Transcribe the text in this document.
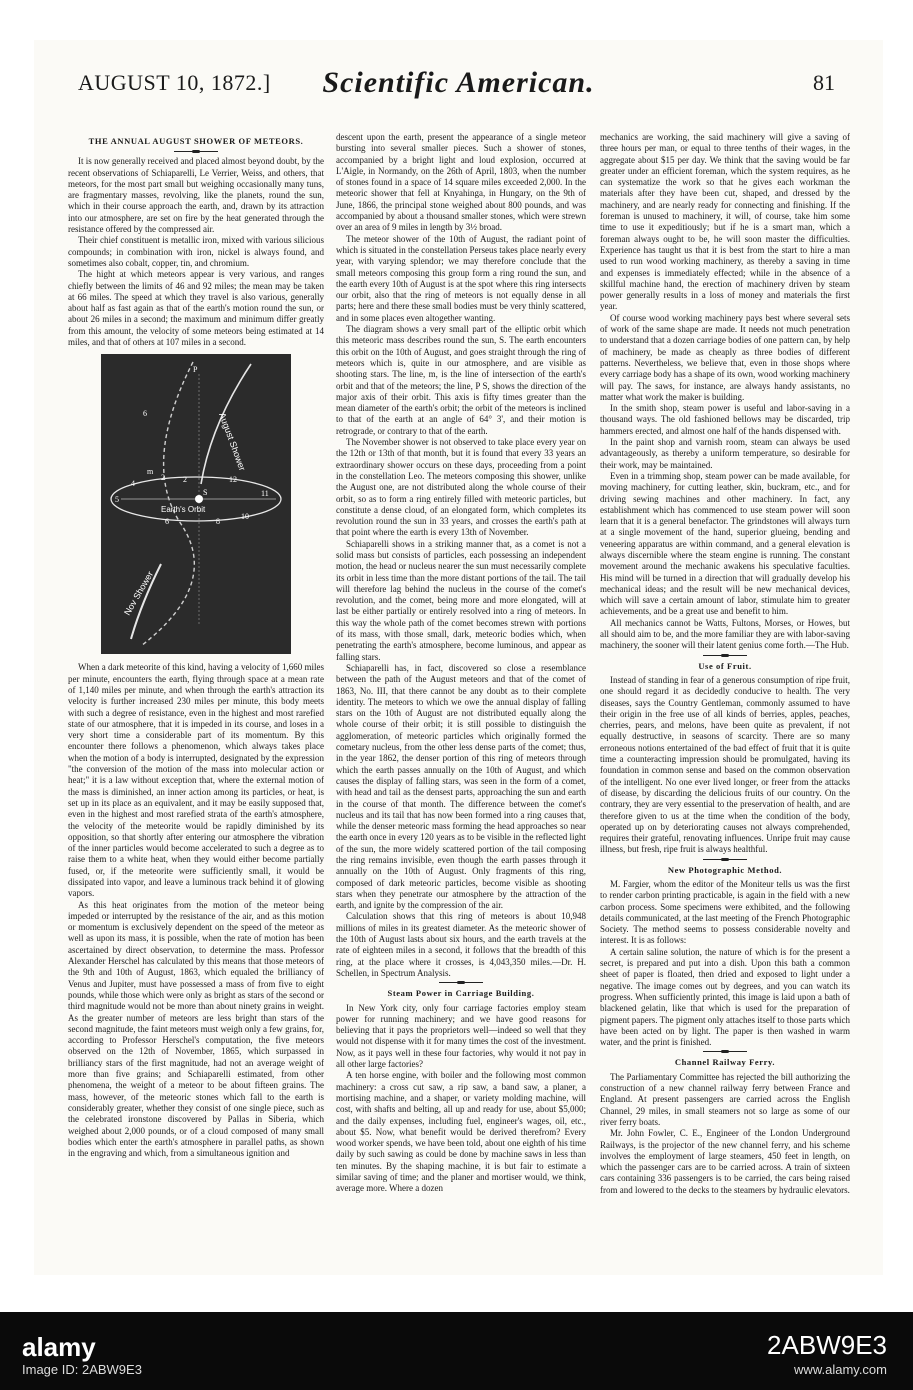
AUGUST 10, 1872.]	Scientific American.	81
THE ANNUAL AUGUST SHOWER OF METEORS.

It is now generally received and placed almost beyond doubt, by the recent observations of Schiaparelli, Le Verrier, Weiss, and others, that meteors, for the most part small but weighing occasionally many tuns, are fragmentary masses, revolving, like the planets, round the sun, which in their course approach the earth, and, drawn by its attraction into our atmosphere, are set on fire by the heat generated through the resistance offered by the compressed air.

Their chief constituent is metallic iron, mixed with various silicious compounds; in combination with iron, nickel is always found, and sometimes also cobalt, copper, tin, and chromium.

The hight at which meteors appear is very various, and ranges chiefly between the limits of 46 and 92 miles; the mean may be taken at 66 miles. The speed at which they travel is also various, generally about half as fast again as that of the earth's motion round the sun, or about 26 miles in a second; the maximum and minimum differ greatly from this amount, the velocity of some meteors being estimated at 14 miles, and that of others at 107 miles in a second.

August Shower
Earth's Orbit
Nov Shower
m
S
P
5
4
2 2	12
11
10
8
6
6

When a dark meteorite of this kind, having a velocity of 1,660 miles per minute, encounters the earth, flying through space at a mean rate of 1,140 miles per minute, and when through the earth's attraction its velocity is further increased 230 miles per minute, this body meets with such a degree of resistance, even in the highest and most rarefied state of our atmosphere, that it is impeded in its course, and loses in a very short time a considerable part of its momentum. By this encounter there follows a phenomenon, which always takes place when the motion of a body is interrupted, designated by the expression "the conversion of the motion of the mass into molecular action or heat;" it is a law without exception that, where the external motion of the mass is diminished, an inner action among its particles, or heat, is set up in its place as an equivalent, and it may be easily supposed that, even in the highest and most rarefied strata of the earth's atmosphere, the velocity of the meteorite would be rapidly diminished by its opposition, so that shortly after entering our atmosphere the vibration of the inner particles would become accelerated to such a degree as to raise them to a white heat, when they would either become partially fused, or, if the meteorite were sufficiently small, it would be dissipated into vapor, and leave a luminous track behind it of glowing vapors.

As this heat originates from the motion of the meteor being impeded or interrupted by the resistance of the air, and as this motion or momentum is exclusively dependent on the speed of the meteor as well as upon its mass, it is possible, when the rate of motion has been ascertained by direct observation, to determine the mass. Professor Alexander Herschel has calculated by this means that those meteors of the 9th and 10th of August, 1863, which equaled the brilliancy of Venus and Jupiter, must have possessed a mass of from five to eight pounds, while those which were only as bright as stars of the second or third magnitude would not be more than about ninety grains in weight. As the greater number of meteors are less bright than stars of the second magnitude, the faint meteors must weigh only a few grains, for, according to Professor Herschel's computation, the five meteors observed on the 12th of November, 1865, which surpassed in brilliancy stars of the first magnitude, had not an average weight of more than five grains; and Schiaparelli estimated, from other phenomena, the weight of a meteor to be about fifteen grains. The mass, however, of the meteoric stones which fall to the earth is considerably greater, whether they consist of one single piece, such as the celebrated ironstone discovered by Pallas in Siberia, which weighed about 2,000 pounds, or of a cloud composed of many small bodies which enter the earth's atmosphere in parallel paths, as shown in the engraving and which, from a simultaneous ignition and

descent upon the earth, present the appearance of a single meteor bursting into several smaller pieces. Such a shower of stones, accompanied by a bright light and loud explosion, occurred at L'Aigle, in Normandy, on the 26th of April, 1803, when the number of stones found in a space of 14 square miles exceeded 2,000. In the meteoric shower that fell at Knyahinga, in Hungary, on the 9th of June, 1866, the principal stone weighed about 800 pounds, and was accompanied by about a thousand smaller stones, which were strewn over an area of 9 miles in length by 3½ broad.

The meteor shower of the 10th of August, the radiant point of which is situated in the constellation Perseus takes place nearly every year, with varying splendor; we may therefore conclude that the small meteors composing this group form a ring round the sun, and the earth every 10th of August is at the spot where this ring intersects our orbit, also that the ring of meteors is not equally dense in all parts; here and there these small bodies must be very thinly scattered, and in some places even altogether wanting.

The diagram shows a very small part of the elliptic orbit which this meteoric mass describes round the sun, S. The earth encounters this orbit on the 10th of August, and goes straight through the ring of meteors which is, quite in our atmosphere, and are visible as shooting stars. The line, m, is the line of intersection of the earth's orbit and that of the meteors; the line, P S, shows the direction of the major axis of their orbit. This axis is fifty times greater than the mean diameter of the earth's orbit; the orbit of the meteors is inclined to that of the earth at an angle of 64° 3', and their motion is retrograde, or contrary to that of the earth.

The November shower is not observed to take place every year on the 12th or 13th of that month, but it is found that every 33 years an extraordinary shower occurs on these days, proceeding from a point in the constellation Leo. The meteors composing this shower, unlike the August one, are not distributed along the whole course of their orbit, so as to form a ring entirely filled with meteoric particles, but constitute a dense cloud, of an elongated form, which completes its revolution round the sun in 33 years, and crosses the earth's path at that point where the earth is every 13th of November.

Schiaparelli shows in a striking manner that, as a comet is not a solid mass but consists of particles, each possessing an independent motion, the head or nucleus nearer the sun must necessarily complete its orbit in less time than the more distant portions of the tail. The tail will therefore lag behind the nucleus in the course of the comet's revolution, and the comet, being more and more elongated, will at last be either partially or entirely resolved into a ring of meteors. In this way the whole path of the comet becomes strewn with portions of its mass, with those small, dark, meteoric bodies which, when penetrating the earth's atmosphere, become luminous, and appear as falling stars.

Schiaparelli has, in fact, discovered so close a resemblance between the path of the August meteors and that of the comet of 1863, No. III, that there cannot be any doubt as to their complete identity. The meteors to which we owe the annual display of falling stars on the 10th of August are not distributed equally along the whole course of their orbit; it is still possible to distinguish the agglomeration, of meteoric particles which originally formed the cometary nucleus, from the other less dense parts of the comet; thus, in the year 1862, the denser portion of this ring of meteors through which the earth passes annually on the 10th of August, and which causes the display of falling stars, was seen in the form of a comet, with head and tail as the densest parts, approaching the sun and earth in the course of that month. The difference between the comet's nucleus and its tail that has now been formed into a ring causes that, while the denser meteoric mass forming the head approaches so near the earth once in every 120 years as to be visible in the reflected light of the sun, the more widely scattered portion of the tail composing the ring remains invisible, even though the earth passes through it annually on the 10th of August. Only fragments of this ring, composed of dark meteoric particles, become visible as shooting stars when they penetrate our atmosphere by the attraction of the earth, and ignite by the compression of the air.

Calculation shows that this ring of meteors is about 10,948 millions of miles in its greatest diameter. As the meteoric shower of the 10th of August lasts about six hours, and the earth travels at the rate of eighteen miles in a second, it follows that the breadth of this ring, at the place where it crosses, is 4,043,350 miles.—Dr. H. Schellen, in Spectrum Analysis.

Steam Power in Carriage Building.

In New York city, only four carriage factories employ steam power for running machinery; and we have good reasons for believing that it pays the proprietors well—indeed so well that they would not dispense with it for many times the cost of the investment. Now, as it pays well in these four factories, why would it not pay in all other large factories?

A ten horse engine, with boiler and the following most common machinery: a cross cut saw, a rip saw, a band saw, a planer, a mortising machine, and a shaper, or variety molding machine, will cost, with shafts and belting, all up and ready for use, about $5,000; and the daily expenses, including fuel, engineer's wages, oil, etc., about $5. Now, what benefit would be derived therefrom? Every wood worker spends, we have been told, about one eighth of his time daily by such sawing as could be done by machine saws in less than ten minutes. By the shaping machine, it is but fair to estimate a similar saving of time; and the planer and mortiser would, we think, average more. Where a dozen

mechanics are working, the said machinery will give a saving of three hours per man, or equal to three tenths of their wages, in the aggregate about $15 per day. We think that the saving would be far greater under an efficient foreman, which the system requires, as he can systematize the work so that he gives each workman the materials after they have been cut, shaped, and dressed by the machinery, and are nearly ready for connecting and finishing. If the foreman is unused to machinery, it will, of course, take him some time to use it expeditiously; but if he is a smart man, which a foreman always ought to be, he will soon master the difficulties. Experience has taught us that it is best from the start to hire a man used to run wood working machinery, as thereby a saving in time and expenses is immediately effected; while in the absence of a skillful machine hand, the erection of machinery driven by steam power generally results in a loss of money and materials the first year.

Of course wood working machinery pays best where several sets of work of the same shape are made. It needs not much penetration to understand that a dozen carriage bodies of one pattern can, by help of machinery, be made as cheaply as three bodies of different patterns. Nevertheless, we believe that, even in those shops where every carriage body has a shape of its own, wood working machinery will pay. The saws, for instance, are always handy assistants, no matter what work the maker is building.

In the smith shop, steam power is useful and labor-saving in a thousand ways. The old fashioned bellows may be discarded, trip hammers erected, and almost one half of the hands dispensed with.

In the paint shop and varnish room, steam can always be used advantageously, as thereby a uniform temperature, so desirable for their work, may be maintained.

Even in a trimming shop, steam power can be made available, for moving machinery, for cutting leather, skin, buckram, etc., and for driving sewing machines and other machinery. In fact, any establishment which has commenced to use steam power will soon learn that it is a general benefactor. The grindstones will always turn at a single movement of the hand, superior glueing, bending and veneering apparatus are within command, and a general elevation is always discernible where the steam engine is running. The constant movement around the mechanic awakens his speculative faculties. His mind will be turned in a direction that will gradually develop his mechanical ideas; and the result will be new mechanical devices, which will save a certain amount of labor, stimulate him to greater achievements, and be a great use and benefit to him.

All mechanics cannot be Watts, Fultons, Morses, or Howes, but all should aim to be, and the more familiar they are with labor-saving machinery, the sooner will their latent genius come forth.—The Hub.

Use of Fruit.

Instead of standing in fear of a generous consumption of ripe fruit, one should regard it as decidedly conducive to health. The very diseases, says the Country Gentleman, commonly assumed to have their origin in the free use of all kinds of berries, apples, peaches, cherries, pears, and melons, have been quite as prevalent, if not equally destructive, in seasons of scarcity. There are so many erroneous notions entertained of the bad effect of fruit that it is quite time a counteracting impression should be promulgated, having its foundation in common sense and based on the common observation of the intelligent. No one ever lived longer, or freer from the attacks of disease, by discarding the delicious fruits of our country. On the contrary, they are very essential to the preservation of health, and are therefore given to us at the time when the condition of the body, operated up on by deteriorating causes not always comprehended, requires their grateful, renovating influences. Unripe fruit may cause illness, but fresh, ripe fruit is always healthful.

New Photographic Method.

M. Fargier, whom the editor of the Moniteur tells us was the first to render carbon printing practicable, is again in the field with a new carbon process. Some specimens were exhibited, and the following details communicated, at the last meeting of the French Photographic Society. The method seems to possess considerable novelty and interest. It is as follows:

A certain saline solution, the nature of which is for the present a secret, is prepared and put into a dish. Upon this bath a common sheet of paper is floated, then dried and exposed to light under a negative. The image comes out by degrees, and you can watch its progress. When sufficiently printed, this image is laid upon a bath of blackened gelatin, like that which is used for the preparation of pigment papers. The pigment only attaches itself to those parts which have been acted on by light. The paper is then washed in warm water, and the print is finished.

Channel Railway Ferry.

The Parliamentary Committee has rejected the bill authorizing the construction of a new channel railway ferry between France and England. At present passengers are carried across the English Channel, 29 miles, in small steamers not so large as some of our river ferry boats.

Mr. John Fowler, C. E., Engineer of the London Underground Railways, is the projector of the new channel ferry, and his scheme involves the employment of large steamers, 450 feet in length, on which the passenger cars are to be carried across. A train of sixteen cars containing 336 passengers is to be carried, the cars being raised from and lowered to the decks to the steamers by hydraulic elevators.

alamy
Image ID: 2ABW9E3
2ABW9E3
www.alamy.com
